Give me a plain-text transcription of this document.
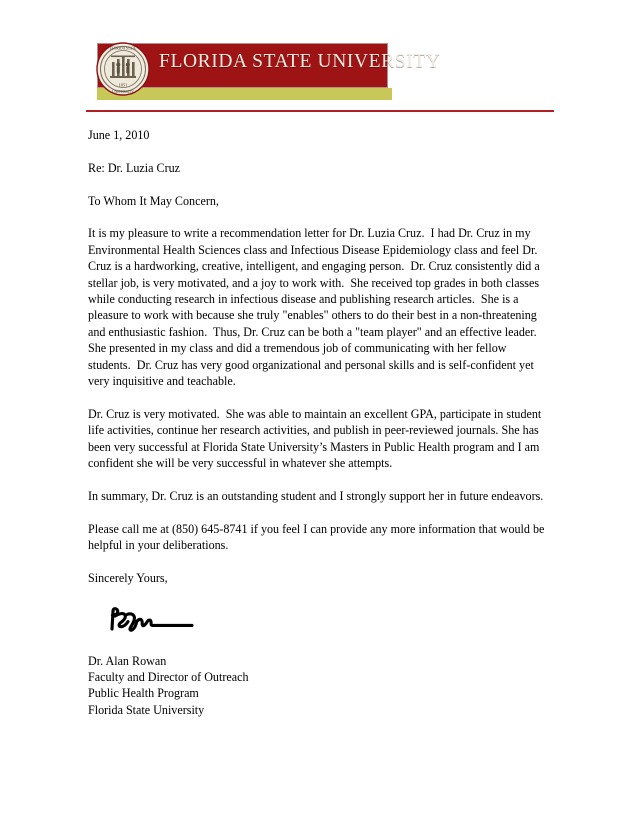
FLORIDA STATE
UNIVERSITY
1851
FLORIDA STATE UNIVERSITY

June 1, 2010

Re: Dr. Luzia Cruz

To Whom It May Concern,

It is my pleasure to write a recommendation letter for Dr. Luzia Cruz.  I had Dr. Cruz in my Environmental Health Sciences class and Infectious Disease Epidemiology class and feel Dr. Cruz is a hardworking, creative, intelligent, and engaging person.  Dr. Cruz consistently did a stellar job, is very motivated, and a joy to work with.  She received top grades in both classes while conducting research in infectious disease and publishing research articles.  She is a pleasure to work with because she truly "enables" others to do their best in a non-threatening and enthusiastic fashion.  Thus, Dr. Cruz can be both a "team player" and an effective leader.  She presented in my class and did a tremendous job of communicating with her fellow students.  Dr. Cruz has very good organizational and personal skills and is self-confident yet very inquisitive and teachable.

Dr. Cruz is very motivated.  She was able to maintain an excellent GPA, participate in student life activities, continue her research activities, and publish in peer-reviewed journals. She has been very successful at Florida State University’s Masters in Public Health program and I am confident she will be very successful in whatever she attempts.

In summary, Dr. Cruz is an outstanding student and I strongly support her in future endeavors.

Please call me at (850) 645-8741 if you feel I can provide any more information that would be helpful in your deliberations.

Sincerely Yours,

Dr. Alan Rowan
Faculty and Director of Outreach
Public Health Program
Florida State University
